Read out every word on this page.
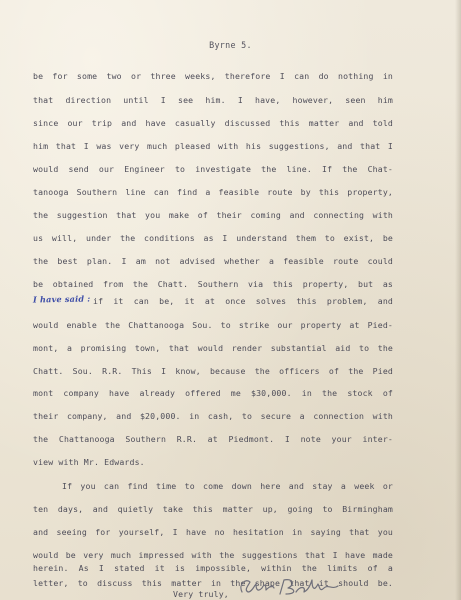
Byrne 5.
be for some two or three weeks, therefore I can do nothing in
that direction until I see him. I have, however, seen him
since our trip and have casually discussed this matter and told
him that I was very much pleased with his suggestions, and that I
would send our Engineer to investigate the line. If the Chat-
tanooga Southern line can find a feasible route by this property,
the suggestion that you make of their coming and connecting with
us will, under the conditions as I understand them to exist, be
the best plan. I am not advised whether a feasible route could
be obtained from the Chatt. Southern via this property, but as
I have said : if it can be, it at once solves this problem, and
would enable the Chattanooga Sou. to strike our property at Pied-
mont, a promising town, that would render substantial aid to the
Chatt. Sou. R.R. This I know, because the officers of the Pied
mont company have already offered me $30,000. in the stock of
their company, and $20,000. in cash, to secure a connection with
the Chattanooga Southern R.R. at Piedmont. I note your inter-
view with Mr. Edwards.
If you can find time to come down here and stay a week or
ten days, and quietly take this matter up, going to Birmingham
and seeing for yourself, I have no hesitation in saying that you
would be very much impressed with the suggestions that I have made
herein. As I stated it is impossible, within the limits of a
letter, to discuss this matter in the shape that it should be.
Very truly,
